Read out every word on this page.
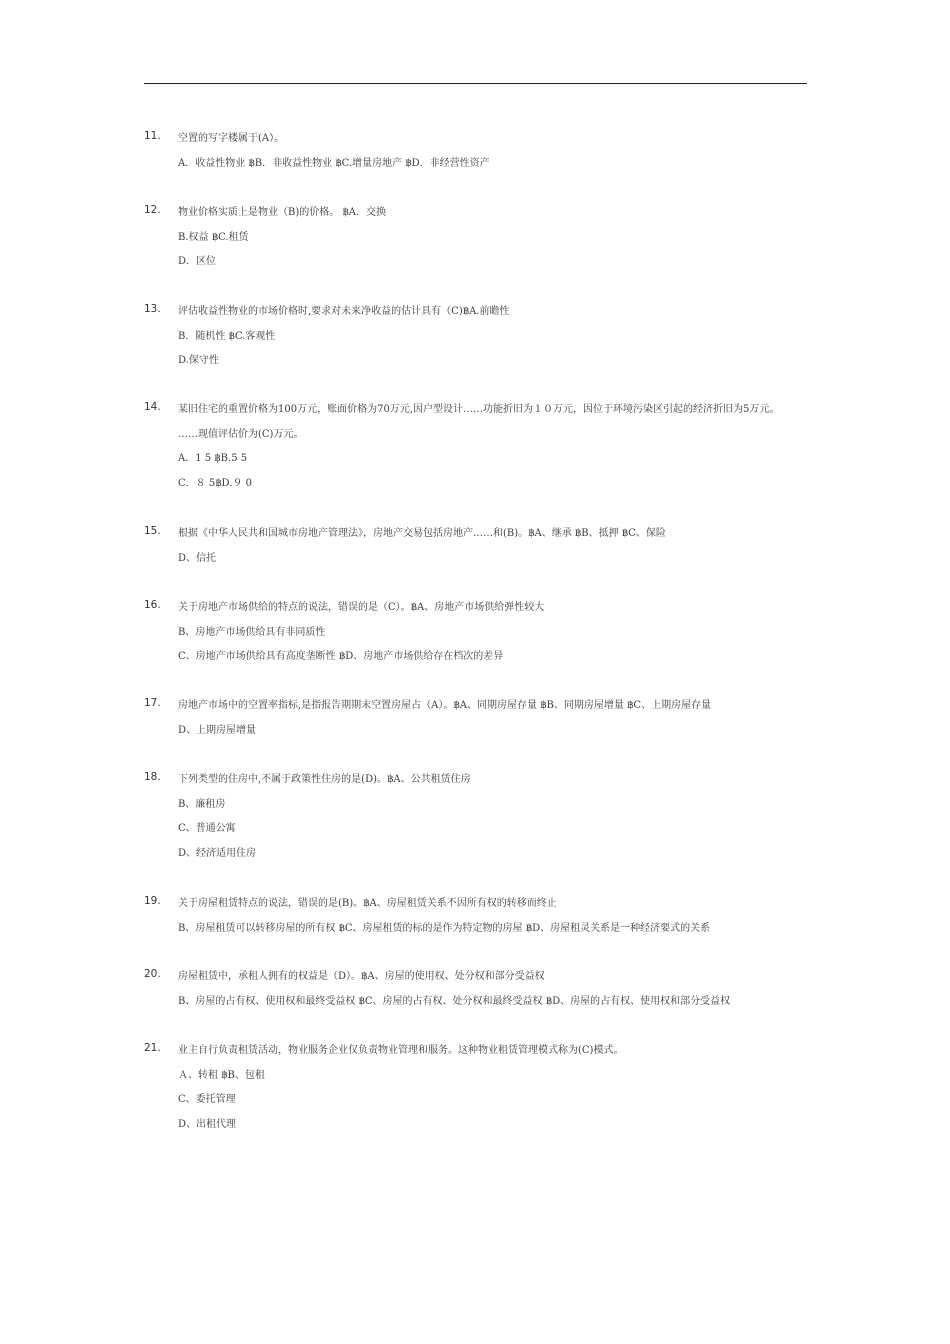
11. 空置的写字楼属于(A）。
A．收益性物业 ฿B．非收益性物业 ฿C.增量房地产 ฿D．非经营性资产
12. 物业价格实质上是物业（B)的价格。 ฿A．交换
B.权益 ฿C.租赁
D．区位
13. 评估收益性物业的市场价格时,要求对未来净收益的估计具有（C)฿A.前瞻性
B．随机性 ฿C.客观性
D.保守性
14. 某旧住宅的重置价格为100万元，账面价格为70万元,因户型设计……功能折旧为１０万元，因位于环境污染区引起的经济折旧为5万元。
……现值评估价为(C)万元。
A．1 5 ฿B.5 5
C．８ 5฿D.９ 0
15. 根据《中华人民共和国城市房地产管理法》，房地产交易包括房地产……和(B)。฿A、继承 ฿B、抵押 ฿C、保险
D、信托
16. 关于房地产市场供给的特点的说法，错误的是（C）。฿A、房地产市场供给弹性较大
B、房地产市场供给具有非同质性
C、房地产市场供给具有高度垄断性 ฿D、房地产市场供给存在档次的差异
17. 房地产市场中的空置率指标,是指报告期期末空置房屋占（A）。฿A、同期房屋存量 ฿B、同期房屋增量 ฿C、上期房屋存量
D、上期房屋增量
18. 下列类型的住房中,不属于政策性住房的是(D)。฿A、公共租赁住房
B、廉租房
C、普通公寓
D、经济适用住房
19. 关于房屋租赁特点的说法，错误的是(B)。฿A、房屋租赁关系不因所有权的转移而终止
B、房屋租赁可以转移房屋的所有权 ฿C、房屋租赁的标的是作为特定物的房屋 ฿D、房屋租灵关系是一种经济要式的关系
20. 房屋租赁中，承租人拥有的权益是（D）。฿A、房屋的使用权、处分权和部分受益权
B、房屋的占有权、使用权和最终受益权 ฿C、房屋的占有权、处分权和最终受益权 ฿D、房屋的占有权、使用权和部分受益权
21. 业主自行负责租赁活动，物业服务企业仅负责物业管理和服务。这种物业租赁管理模式称为(C)模式。
Ａ、转租 ฿B、包租
C、委托管理
D、出租代理
